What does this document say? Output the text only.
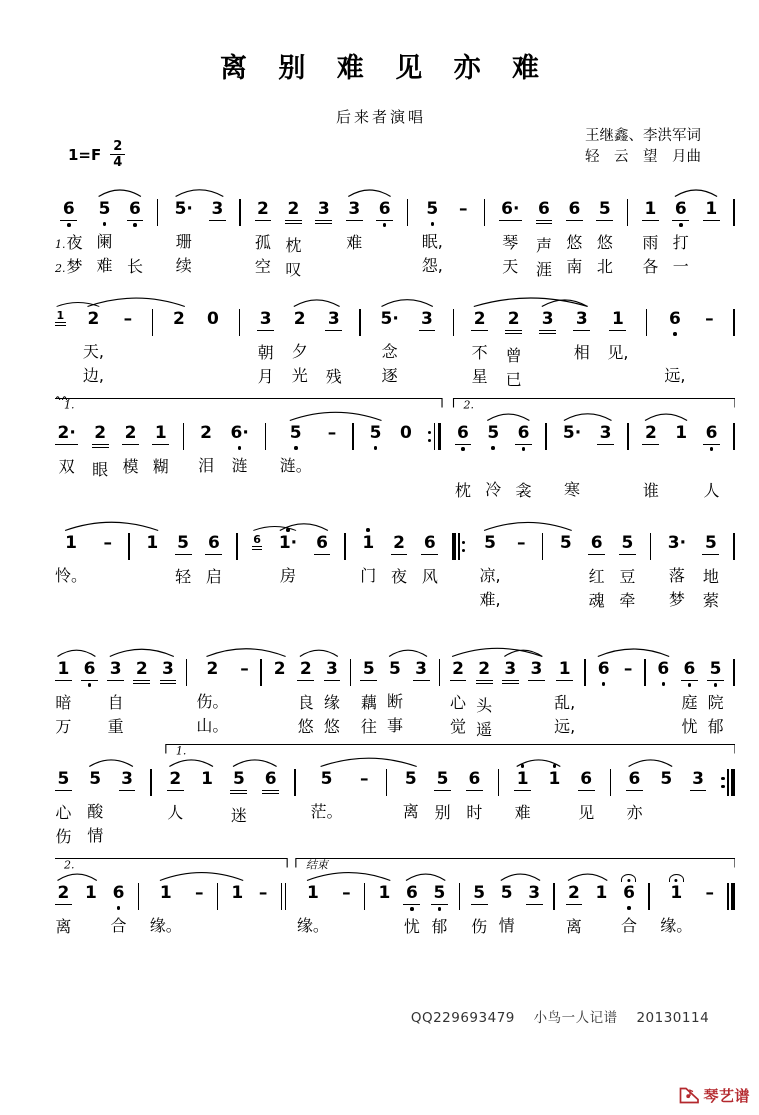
离 别 难 见 亦 难
后来者演唱
王继鑫、李洪军词
轻　云　望　月曲
$1=F \frac{2}{4}$
6
1.夜
2.梦
5
阑
难
6

长
5·
珊
续
3

2
孤
空
2
枕
叹
3

3
难

6

5
眠,
怨,
–

6·
琴
天
6
声
涯
6
悠
南
5
悠
北
1
雨
各
6
打
一
1

1

2
天,
边,
–

2

0

3
朝
月
2
夕
光
3

残
5·
念
逐
3

2
不
星
2
曾
已
3

3
相

1
见,

6

远,
–

2·
双

2
眼

2
模

1
糊

2
泪

6·
涟

5
涟。

–

5

0

	6

枕
5

冷
6

衾
5·

寒
3

2

谁
1

6

人
1.	2.
1
怜。

–

1

5
轻

6
启

6

1·
房

6

1
门

2
夜

6
风

5
凉,
难,
–

5

6
红
魂
5
豆
牵
3·
落
梦
5
地
萦
1
暗
万
6

3
自
重
2

3

2
伤。
山。
–

2

2
良
悠
3
缘
悠
5
藕
往
5
断
事
3

2
心
觉
2
头
遥
3

3

1
乱,
远,
6

–

6

6
庭
忧
5
院
郁
5
心
伤
5
酸
情
3

2
人

1

5
迷

6

	5
茫。

–

5
离

5
别

6
时

1
难

1

6
见

6
亦

5

3

1.
2
离

1

6
合

1
缘。

–

1

–

1
缘。

–

1

6
忧

5
郁

5
伤

5
情

3

2
离

1

6
合

1
缘。

–

2.	结束
QQ229693479　 小鸟一人记谱 　20130114
琴艺谱
